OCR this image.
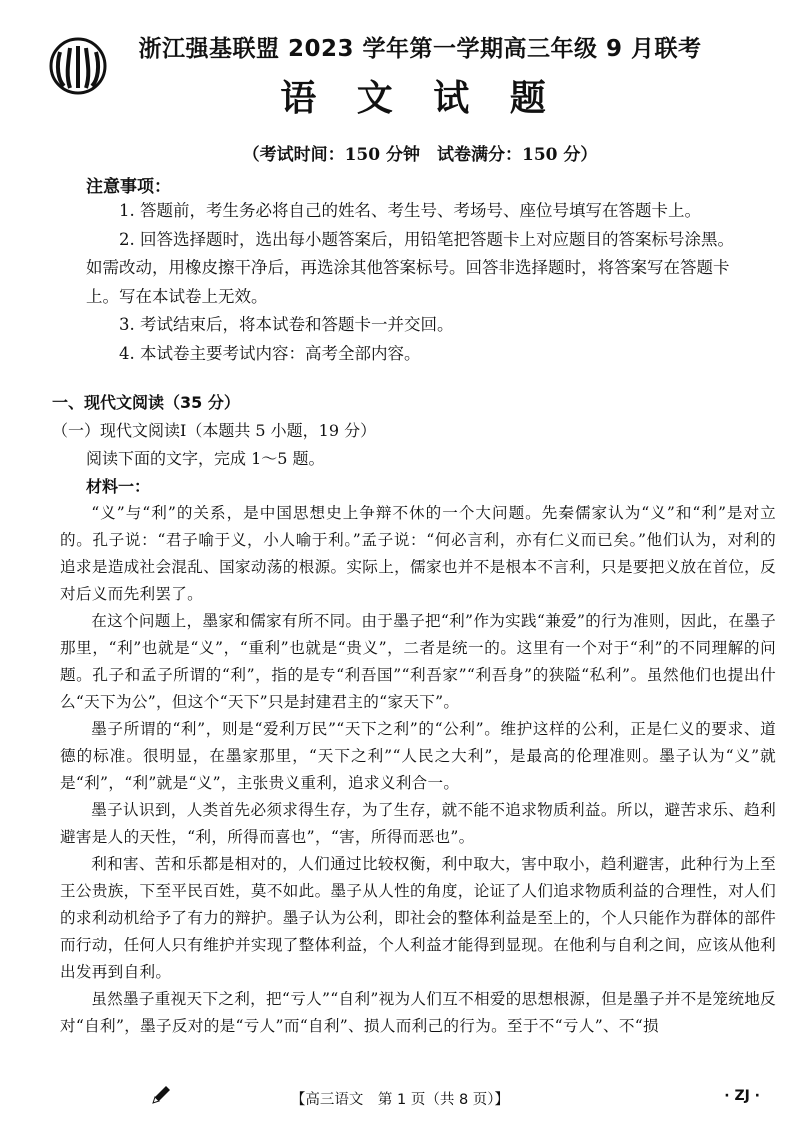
浙江强基联盟 2023 学年第一学期高三年级 9 月联考
语 文 试 题
（考试时间：150 分钟　试卷满分：150 分）
注意事项：

1. 答题前，考生务必将自己的姓名、考生号、考场号、座位号填写在答题卡上。

2. 回答选择题时，选出每小题答案后，用铅笔把答题卡上对应题目的答案标号涂黑。如需改动，用橡皮擦干净后，再选涂其他答案标号。回答非选择题时，将答案写在答题卡上。写在本试卷上无效。

3. 考试结束后，将本试卷和答题卡一并交回。

4. 本试卷主要考试内容：高考全部内容。

一、现代文阅读（35 分）
（一）现代文阅读Ⅰ（本题共 5 小题，19 分）
阅读下面的文字，完成 1～5 题。
材料一：

“义”与“利”的关系，是中国思想史上争辩不休的一个大问题。先秦儒家认为“义”和“利”是对立的。孔子说：“君子喻于义，小人喻于利。”孟子说：“何必言利，亦有仁义而已矣。”他们认为，对利的追求是造成社会混乱、国家动荡的根源。实际上，儒家也并不是根本不言利，只是要把义放在首位，反对后义而先利罢了。

在这个问题上，墨家和儒家有所不同。由于墨子把“利”作为实践“兼爱”的行为准则，因此，在墨子那里，“利”也就是“义”，“重利”也就是“贵义”，二者是统一的。这里有一个对于“利”的不同理解的问题。孔子和孟子所谓的“利”，指的是专“利吾国”“利吾家”“利吾身”的狭隘“私利”。虽然他们也提出什么“天下为公”，但这个“天下”只是封建君主的“家天下”。

墨子所谓的“利”，则是“爱利万民”“天下之利”的“公利”。维护这样的公利，正是仁义的要求、道德的标准。很明显，在墨家那里，“天下之利”“人民之大利”，是最高的伦理准则。墨子认为“义”就是“利”，“利”就是“义”，主张贵义重利，追求义利合一。

墨子认识到，人类首先必须求得生存，为了生存，就不能不追求物质利益。所以，避苦求乐、趋利避害是人的天性，“利，所得而喜也”，“害，所得而恶也”。

利和害、苦和乐都是相对的，人们通过比较权衡，利中取大，害中取小，趋利避害，此种行为上至王公贵族，下至平民百姓，莫不如此。墨子从人性的角度，论证了人们追求物质利益的合理性，对人们的求利动机给予了有力的辩护。墨子认为公利，即社会的整体利益是至上的，个人只能作为群体的部件而行动，任何人只有维护并实现了整体利益，个人利益才能得到显现。在他利与自利之间，应该从他利出发再到自利。

虽然墨子重视天下之利，把“亏人”“自利”视为人们互不相爱的思想根源，但是墨子并不是笼统地反对“自利”，墨子反对的是“亏人”而“自利”、损人而利己的行为。至于不“亏人”、不“损

【高三语文　第 1 页（共 8 页）】	· ZJ ·
